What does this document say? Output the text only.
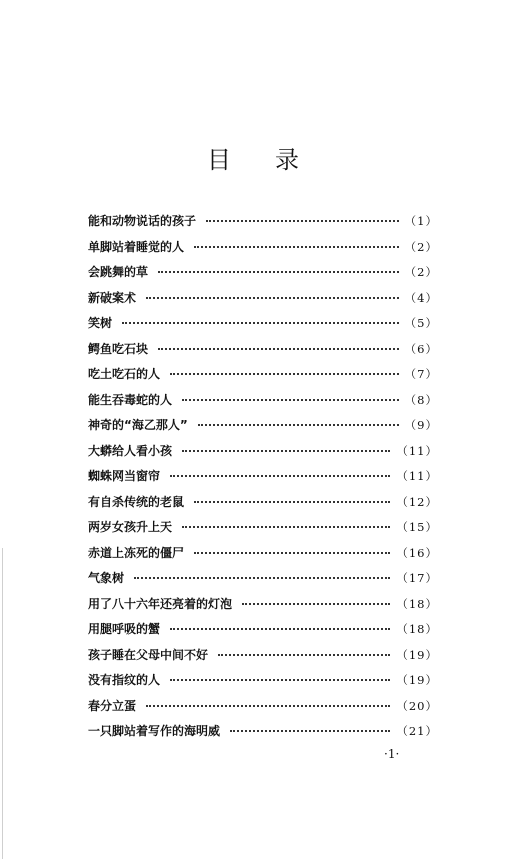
目录
能和动物说话的孩子	（1）
单脚站着睡觉的人	（2）
会跳舞的草	（2）
新破案术	（4）
笑树	（5）
鳄鱼吃石块	（6）
吃土吃石的人	（7）
能生吞毒蛇的人	（8）
神奇的“海乙那人”	（9）
大蟒给人看小孩	（11）
蜘蛛网当窗帘	（11）
有自杀传统的老鼠	（12）
两岁女孩升上天	（15）
赤道上冻死的僵尸	（16）
气象树	（17）
用了八十六年还亮着的灯泡	（18）
用腿呼吸的蟹	（18）
孩子睡在父母中间不好	（19）
没有指纹的人	（19）
春分立蛋	（20）
一只脚站着写作的海明威	（21）
·1·
